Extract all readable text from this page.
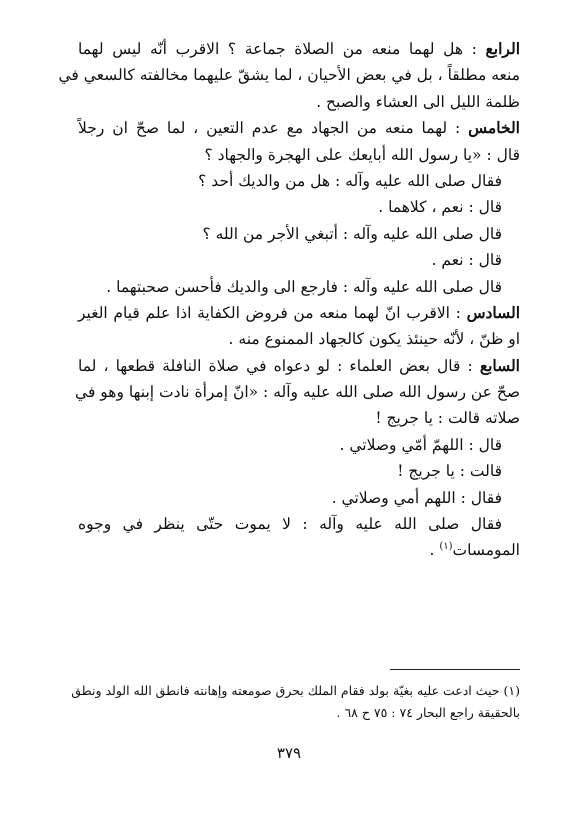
الرابع : هل لهما منعه من الصلاة جماعة ؟ الاقرب أنّه ليس لهما
منعه مطلقاً ، بل في بعض الأحيان ، لما يشقّ عليهما مخالفته كالسعي في
ظلمة الليل الى العشاء والصبح .
الخامس : لهما منعه من الجهاد مع عدم التعين ، لما صحّ ان رجلاً
قال : «يا رسول الله أبايعك على الهجرة والجهاد ؟
فقال صلى الله عليه وآله : هل من والديك أحد ؟
قال : نعم ، كلاهما .
قال صلى الله عليه وآله : أتبغي الأجر من الله ؟
قال : نعم .
قال صلى الله عليه وآله : فارجع الى والديك فأحسن صحبتهما .
السادس : الاقرب انّ لهما منعه من فروض الكفاية اذا علم قيام الغير
او ظنّ ، لأنّه حينئذ يكون كالجهاد الممنوع منه .
السابع : قال بعض العلماء : لو دعواه في صلاة النافلة قطعها ، لما
صحّ عن رسول الله صلى الله عليه وآله : «انّ إمرأة نادت إبنها وهو في
صلاته قالت : يا جريج !
قال : اللهمّ أمّي وصلاتي .
قالت : يا جريج !
فقال : اللهم أمي وصلاتي .
فقال صلى الله عليه وآله : لا يموت حتّى ينظر في وجوه
المومسات$^{(١)}$ .
(١) حيث ادعت عليه بغيّة بولد فقام الملك بحرق صومعته وإهانته فانطق الله الولد ونطق
بالحقيقة راجع البحار ٧٤ : ٧٥ ح ٦٨ .
٣٧٩
